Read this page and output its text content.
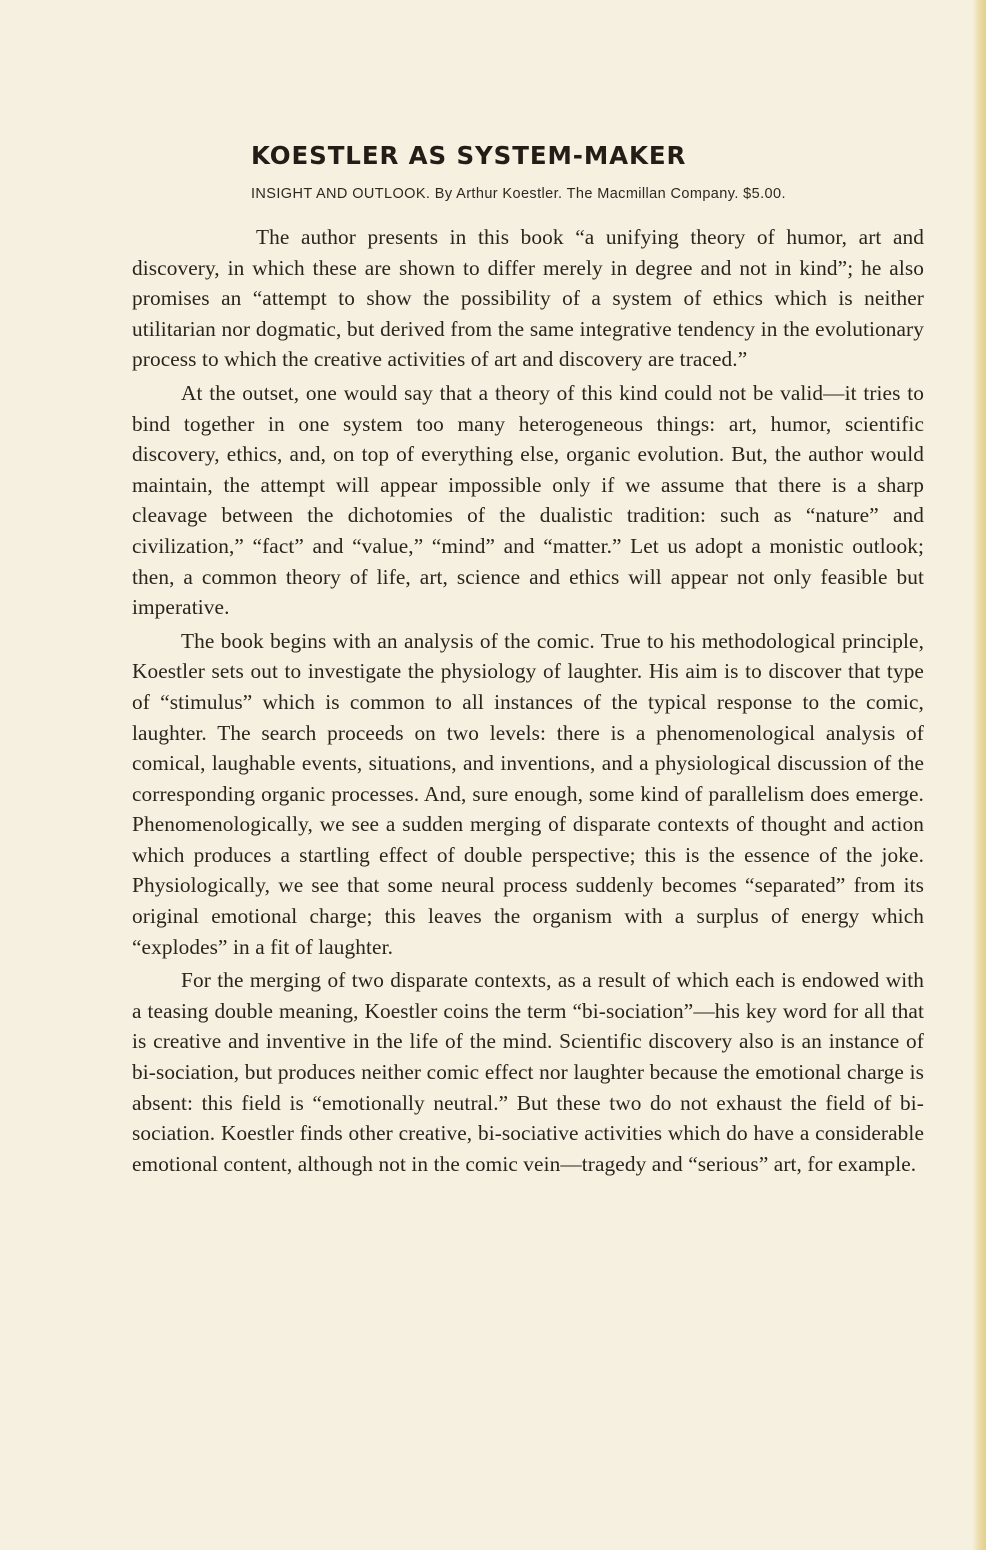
KOESTLER AS SYSTEM-MAKER
INSIGHT AND OUTLOOK. By Arthur Koestler. The Macmillan Company. $5.00.

The author presents in this book “a unifying theory of humor, art and discovery, in which these are shown to differ merely in degree and not in kind”; he also promises an “attempt to show the possibility of a system of ethics which is neither utilitarian nor dogmatic, but derived from the same integrative tendency in the evolutionary process to which the creative activities of art and discovery are traced.”

At the outset, one would say that a theory of this kind could not be valid—it tries to bind together in one system too many heterogeneous things: art, humor, scientific discovery, ethics, and, on top of everything else, organic evolution. But, the author would maintain, the attempt will appear impossible only if we assume that there is a sharp cleavage between the dichotomies of the dualistic tradition: such as “nature” and civilization,” “fact” and “value,” “mind” and “matter.” Let us adopt a monistic outlook; then, a common theory of life, art, science and ethics will appear not only feasible but imperative.

The book begins with an analysis of the comic. True to his methodological principle, Koestler sets out to investigate the physiology of laughter. His aim is to discover that type of “stimulus” which is common to all instances of the typical response to the comic, laughter. The search proceeds on two levels: there is a phenomenological analysis of comical, laughable events, situations, and inventions, and a physiological discussion of the corresponding organic processes. And, sure enough, some kind of parallelism does emerge. Phenomenologically, we see a sudden merging of disparate contexts of thought and action which produces a startling effect of double perspective; this is the essence of the joke. Physiologically, we see that some neural process suddenly becomes “separated” from its original emotional charge; this leaves the organism with a surplus of energy which “explodes” in a fit of laughter.

For the merging of two disparate contexts, as a result of which each is endowed with a teasing double meaning, Koestler coins the term “bi-sociation”—his key word for all that is creative and inventive in the life of the mind. Scientific discovery also is an instance of bi-sociation, but produces neither comic effect nor laughter because the emotional charge is absent: this field is “emotionally neutral.” But these two do not exhaust the field of bi-sociation. Koestler finds other creative, bi-sociative activities which do have a considerable emotional content, although not in the comic vein—tragedy and “serious” art, for example.
